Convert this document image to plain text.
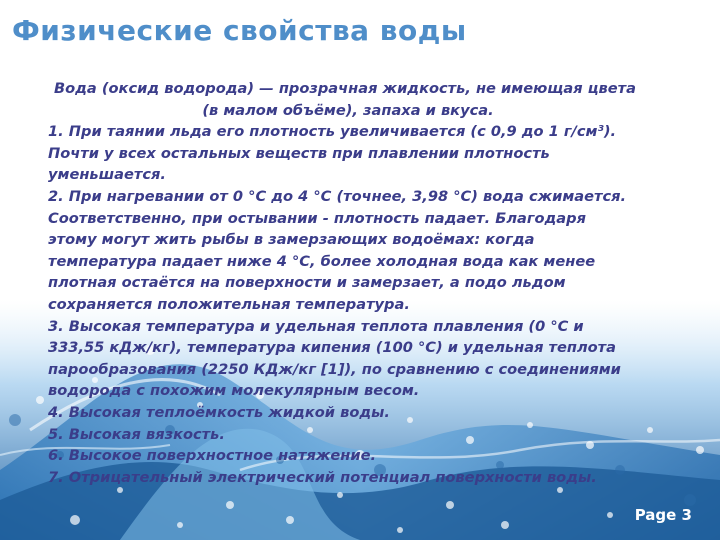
Физические свойства воды

Вода (оксид водорода) — прозрачная жидкость, не имеющая цвета

(в малом объёме), запаха и вкуса.

1. При таянии льда его плотность увеличивается (с 0,9 до 1 г/см³).

Почти у всех остальных веществ при плавлении плотность

уменьшается.

2. При нагревании от 0 °С до 4 °С (точнее, 3,98 °С) вода сжимается.

Соответственно, при остывании - плотность падает. Благодаря

этому могут жить рыбы в замерзающих водоёмах: когда

температура падает ниже 4 °С, более холодная вода как менее

плотная остаётся на поверхности и замерзает, а подо льдом

сохраняется положительная температура.

3. Высокая температура и удельная теплота плавления (0 °С и

333,55 кДж/кг), температура кипения (100 °С) и удельная теплота

парообразования (2250 КДж/кг [1]), по сравнению с соединениями

водорода с похожим молекулярным весом.

4. Высокая теплоёмкость жидкой воды.

5. Высокая вязкость.

6. Высокое поверхностное натяжение.

7. Отрицательный электрический потенциал поверхности воды.

Page 3
